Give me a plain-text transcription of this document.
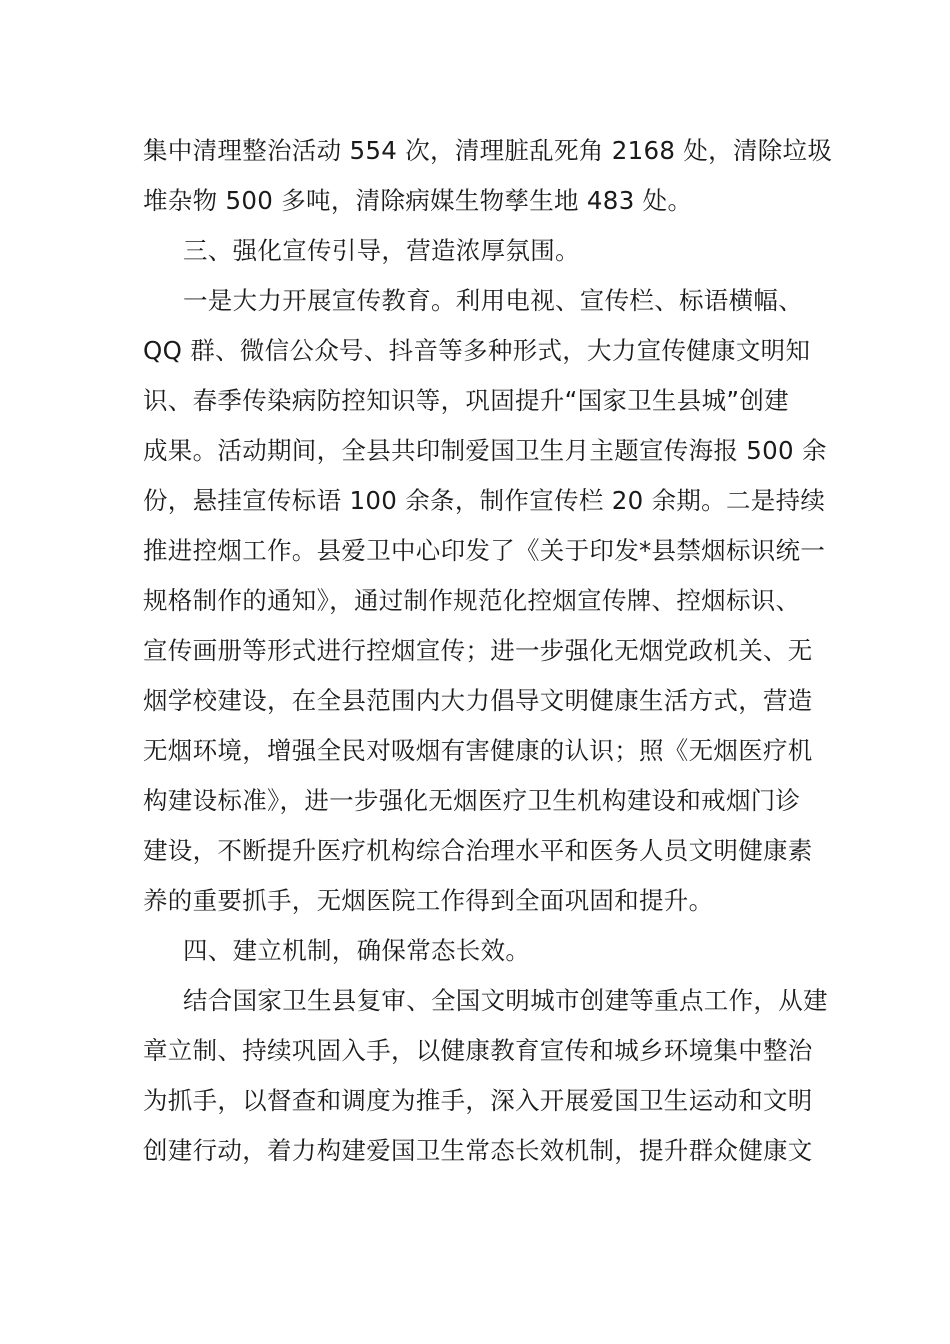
集中清理整治活动 554 次，清理脏乱死角 2168 处，清除垃圾
堆杂物 500 多吨，清除病媒生物孳生地 483 处。
三、强化宣传引导，营造浓厚氛围。
一是大力开展宣传教育。利用电视、宣传栏、标语横幅、
QQ 群、微信公众号、抖音等多种形式，大力宣传健康文明知
识、春季传染病防控知识等，巩固提升“国家卫生县城”创建
成果。活动期间，全县共印制爱国卫生月主题宣传海报 500 余
份，悬挂宣传标语 100 余条，制作宣传栏 20 余期。二是持续
推进控烟工作。县爱卫中心印发了《关于印发*县禁烟标识统一
规格制作的通知》，通过制作规范化控烟宣传牌、控烟标识、
宣传画册等形式进行控烟宣传；进一步强化无烟党政机关、无
烟学校建设，在全县范围内大力倡导文明健康生活方式，营造
无烟环境，增强全民对吸烟有害健康的认识；照《无烟医疗机
构建设标准》，进一步强化无烟医疗卫生机构建设和戒烟门诊
建设，不断提升医疗机构综合治理水平和医务人员文明健康素
养的重要抓手，无烟医院工作得到全面巩固和提升。
四、建立机制，确保常态长效。
结合国家卫生县复审、全国文明城市创建等重点工作，从建
章立制、持续巩固入手，以健康教育宣传和城乡环境集中整治
为抓手，以督查和调度为推手，深入开展爱国卫生运动和文明
创建行动，着力构建爱国卫生常态长效机制，提升群众健康文
